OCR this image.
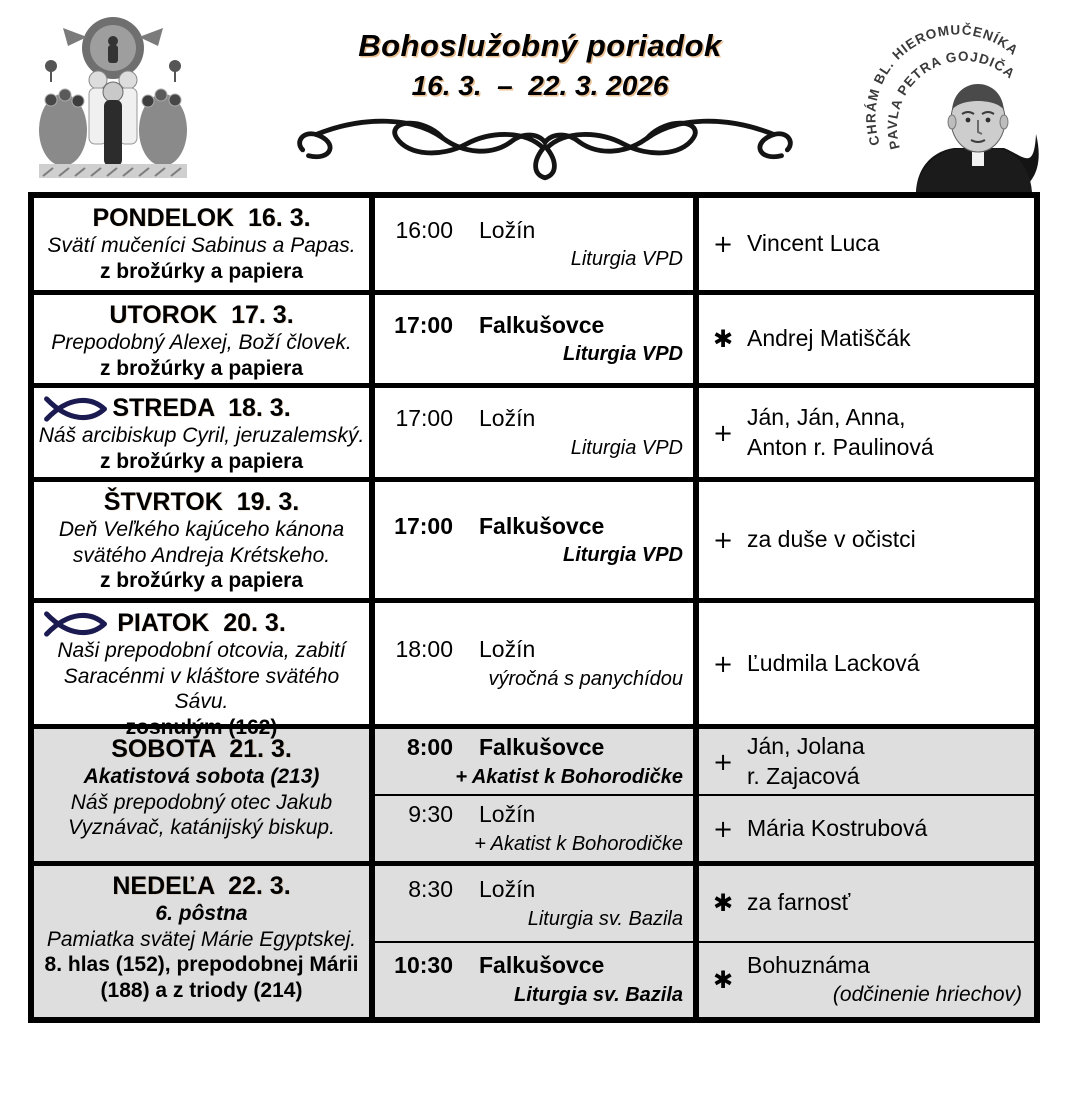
Bohoslužobný poriadok
16. 3.  –  22. 3. 2026
CHRÁM BL. HIEROMUČENÍKA
PAVLA PETRA GOJDIČA
PONDELOK  16. 3.
Svätí mučeníci Sabinus a Papas.
z brožúrky a papiera
16:00 Ložín
Liturgia VPD
+ Vincent Luca
UTOROK  17. 3.
Prepodobný Alexej, Boží človek.
z brožúrky a papiera
17:00 Falkušovce
Liturgia VPD
✱ Andrej Matiščák
STREDA  18. 3.
Náš arcibiskup Cyril, jeruzalemský.
z brožúrky a papiera
17:00 Ložín
Liturgia VPD
+
Ján, Ján, Anna,
Anton r. Paulinová
ŠTVRTOK  19. 3.
Deň Veľkého kajúceho kánona svätého Andreja Krétskeho.
z brožúrky a papiera
17:00 Falkušovce
Liturgia VPD
+ za duše v očistci
PIATOK  20. 3.
Naši prepodobní otcovia, zabití Saracénmi v kláštore svätého Sávu.
zosnulým (162)
18:00 Ložín
výročná s panychídou
+ Ľudmila Lacková
SOBOTA  21. 3.
Akatistová sobota (213)
Náš prepodobný otec Jakub Vyznávač, katánijský biskup.
8:00 Falkušovce
+ Akatist k Bohorodičke
+
Ján, Jolana
r. Zajacová
9:30 Ložín
+ Akatist k Bohorodičke
+ Mária Kostrubová
NEDEĽA  22. 3.
6. pôstna
Pamiatka svätej Márie Egyptskej.
8. hlas (152), prepodobnej Márii (188) a z triody (214)
8:30 Ložín
Liturgia sv. Bazila
✱ za farnosť
10:30 Falkušovce
Liturgia sv. Bazila
✱
Bohuznáma
(odčinenie hriechov)
